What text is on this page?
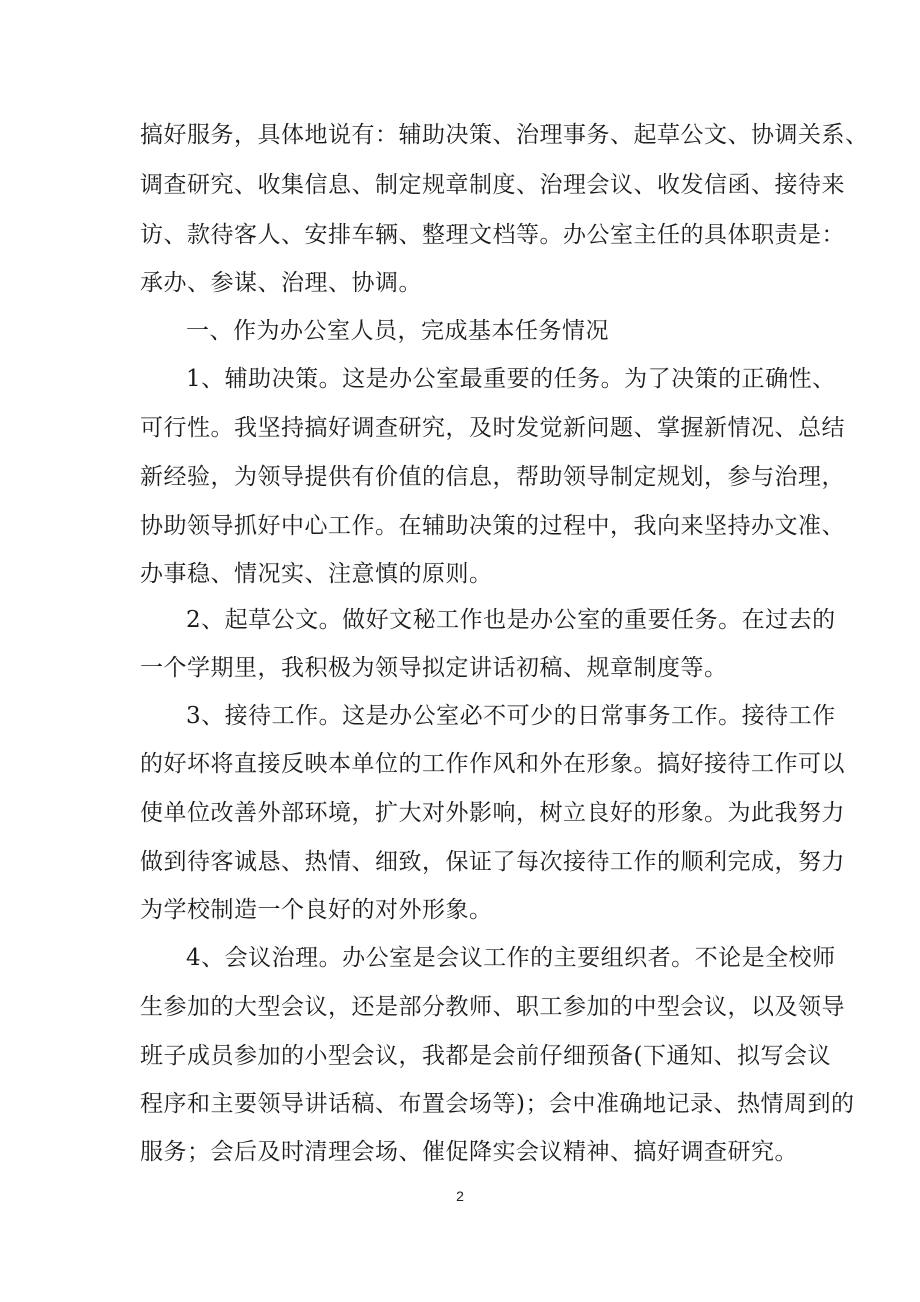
搞好服务，具体地说有：辅助决策、治理事务、起草公文、协调关系、
调查研究、收集信息、制定规章制度、治理会议、收发信函、接待来
访、款待客人、安排车辆、整理文档等。办公室主任的具体职责是：
承办、参谋、治理、协调。
一、作为办公室人员，完成基本任务情况
1、辅助决策。这是办公室最重要的任务。为了决策的正确性、
可行性。我坚持搞好调查研究，及时发觉新问题、掌握新情况、总结
新经验，为领导提供有价值的信息，帮助领导制定规划，参与治理，
协助领导抓好中心工作。在辅助决策的过程中，我向来坚持办文准、
办事稳、情况实、注意慎的原则。
2、起草公文。做好文秘工作也是办公室的重要任务。在过去的
一个学期里，我积极为领导拟定讲话初稿、规章制度等。
3、接待工作。这是办公室必不可少的日常事务工作。接待工作
的好坏将直接反映本单位的工作作风和外在形象。搞好接待工作可以
使单位改善外部环境，扩大对外影响，树立良好的形象。为此我努力
做到待客诚恳、热情、细致，保证了每次接待工作的顺利完成，努力
为学校制造一个良好的对外形象。
4、会议治理。办公室是会议工作的主要组织者。不论是全校师
生参加的大型会议，还是部分教师、职工参加的中型会议，以及领导
班子成员参加的小型会议，我都是会前仔细预备(下通知、拟写会议
程序和主要领导讲话稿、布置会场等)；会中准确地记录、热情周到的
服务；会后及时清理会场、催促降实会议精神、搞好调查研究。
2
